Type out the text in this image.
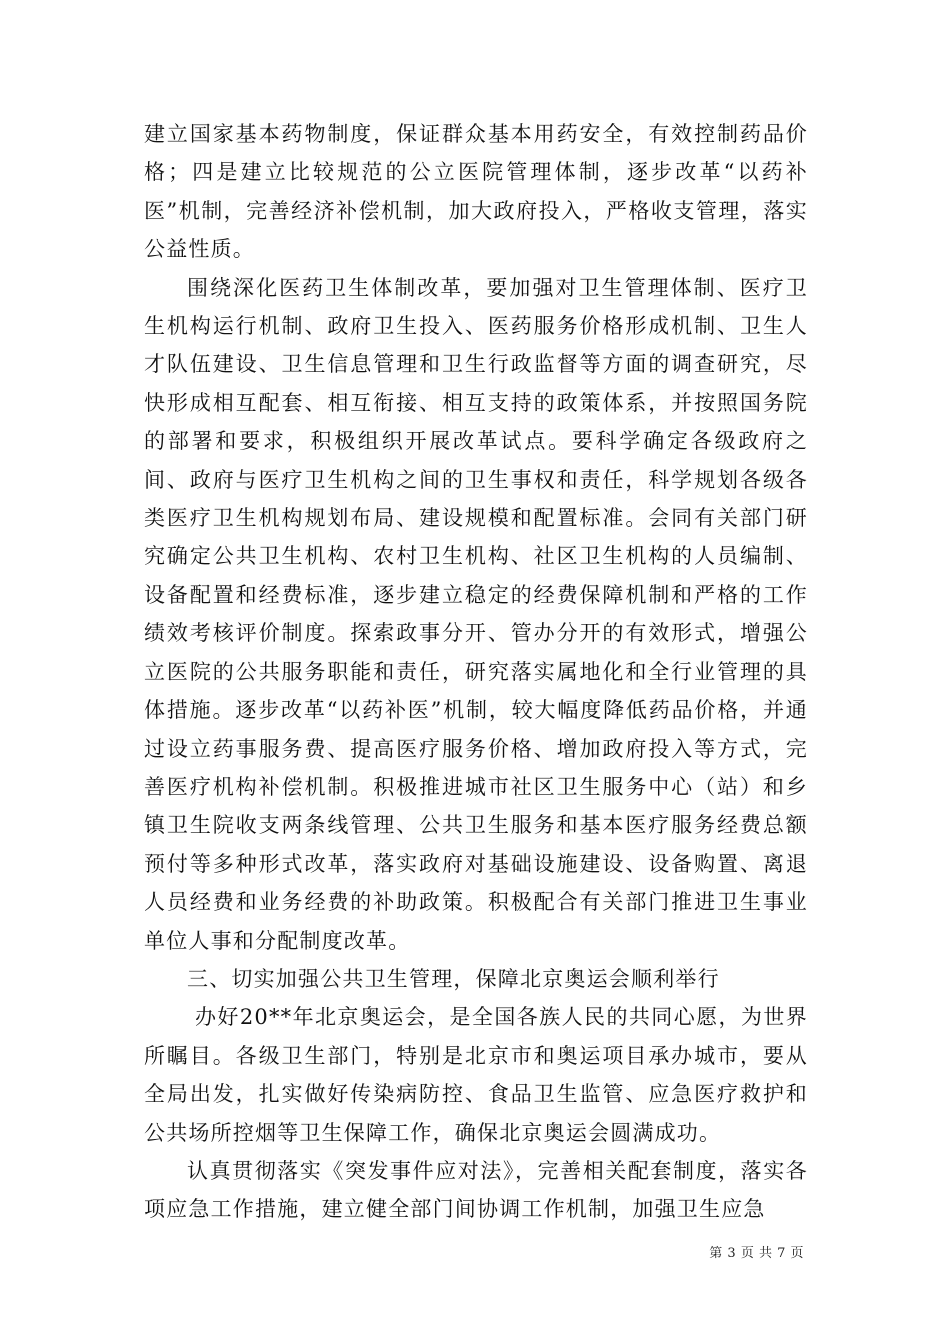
建立国家基本药物制度，保证群众基本用药安全，有效控制药品价格；四是建立比较规范的公立医院管理体制，逐步改革“以药补医”机制，完善经济补偿机制，加大政府投入，严格收支管理，落实公益性质。

围绕深化医药卫生体制改革，要加强对卫生管理体制、医疗卫生机构运行机制、政府卫生投入、医药服务价格形成机制、卫生人才队伍建设、卫生信息管理和卫生行政监督等方面的调查研究，尽快形成相互配套、相互衔接、相互支持的政策体系，并按照国务院的部署和要求，积极组织开展改革试点。要科学确定各级政府之间、政府与医疗卫生机构之间的卫生事权和责任，科学规划各级各类医疗卫生机构规划布局、建设规模和配置标准。会同有关部门研究确定公共卫生机构、农村卫生机构、社区卫生机构的人员编制、设备配置和经费标准，逐步建立稳定的经费保障机制和严格的工作绩效考核评价制度。探索政事分开、管办分开的有效形式，增强公立医院的公共服务职能和责任，研究落实属地化和全行业管理的具体措施。逐步改革“以药补医”机制，较大幅度降低药品价格，并通过设立药事服务费、提高医疗服务价格、增加政府投入等方式，完善医疗机构补偿机制。积极推进城市社区卫生服务中心（站）和乡镇卫生院收支两条线管理、公共卫生服务和基本医疗服务经费总额预付等多种形式改革，落实政府对基础设施建设、设备购置、离退人员经费和业务经费的补助政策。积极配合有关部门推进卫生事业单位人事和分配制度改革。

三、切实加强公共卫生管理，保障北京奥运会顺利举行

办好20**年北京奥运会，是全国各族人民的共同心愿，为世界所瞩目。各级卫生部门，特别是北京市和奥运项目承办城市，要从全局出发，扎实做好传染病防控、食品卫生监管、应急医疗救护和公共场所控烟等卫生保障工作，确保北京奥运会圆满成功。

认真贯彻落实《突发事件应对法》，完善相关配套制度，落实各项应急工作措施，建立健全部门间协调工作机制，加强卫生应急

第 3 页 共 7 页
